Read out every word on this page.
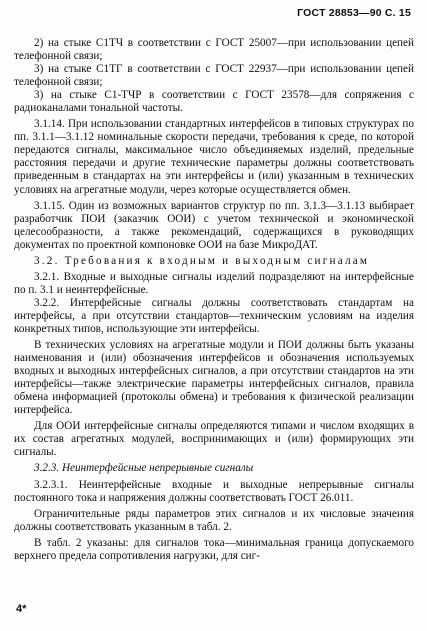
ГОСТ 28853—90 С. 15

2) на стыке С1ТЧ в соответствии с ГОСТ 25007—при использовании цепей телефонной связи;

3) на стыке С1ТГ в соответствии с ГОСТ 22937—при использовании цепей телефонной связи;

3) на стыке С1-ТЧР в соответствии с ГОСТ 23578—для сопряжения с радиоканалами тональной частоты.

3.1.14. При использовании стандартных интерфейсов в типовых структурах по пп. 3.1.1—3.1.12 номинальные скорости передачи, требования к среде, по которой передаются сигналы, максимальное число объединяемых изделий, предельные расстояния передачи и другие технические параметры должны соответствовать приведенным в стандартах на эти интерфейсы и (или) указанным в технических условиях на агрегатные модули, через которые осуществляется обмен.

3.1.15. Один из возможных вариантов структур по пп. 3.1.3—3.1.13 выбирает разработчик ПОИ (заказчик ООИ) с учетом технической и экономической целесообразности, а также рекомендаций, содержащихся в руководящих документах по проектной компоновке ООИ на базе МикроДАТ.

3.2. Требования к входным и выходным сигналам

3.2.1. Входные и выходные сигналы изделий подразделяют на интерфейсные по п. 3.1 и неинтерфейсные.

3.2.2. Интерфейсные сигналы должны соответствовать стандартам на интерфейсы, а при отсутствии стандартов—техническим условиям на изделия конкретных типов, использующие эти интерфейсы.

В технических условиях на агрегатные модули и ПОИ должны быть указаны наименования и (или) обозначения интерфейсов и обозначения используемых входных и выходных интерфейсных сигналов, а при отсутствии стандартов на эти интерфейсы—также электрические параметры интерфейсных сигналов, правила обмена информацией (протоколы обмена) и требования к физической реализации интерфейса.

Для ООИ интерфейсные сигналы определяются типами и числом входящих в их состав агрегатных модулей, воспринимающих и (или) формирующих эти сигналы.

3.2.3. Неинтерфейсные непрерывные сигналы

3.2.3.1. Неинтерфейсные входные и выходные непрерывные сигналы постоянного тока и напряжения должны соответствовать ГОСТ 26.011.

Ограничительные ряды параметров этих сигналов и их числовые значения должны соответствовать указанным в табл. 2.

В табл. 2 указаны: для сигналов тока—минимальная граница допускаемого верхнего предела сопротивления нагрузки, для сиг-

4*
